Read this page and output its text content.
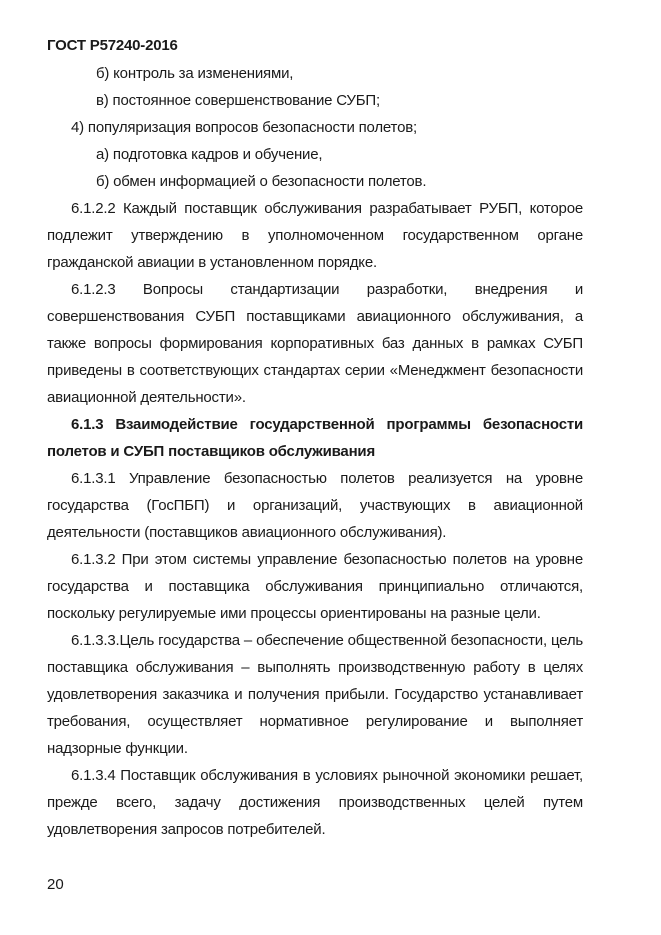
ГОСТ Р57240-2016
б) контроль за изменениями,
в) постоянное совершенствование СУБП;
4) популяризация вопросов безопасности полетов;
а) подготовка кадров и обучение,
б) обмен информацией о безопасности полетов.
6.1.2.2 Каждый поставщик обслуживания разрабатывает РУБП, которое подлежит утверждению в уполномоченном государственном органе гражданской авиации в установленном порядке.
6.1.2.3 Вопросы стандартизации разработки, внедрения и совершенствования СУБП поставщиками авиационного обслуживания, а также вопросы формирования корпоративных баз данных в рамках СУБП приведены в соответствующих стандартах серии «Менеджмент безопасности авиационной деятельности».
6.1.3 Взаимодействие государственной программы безопасности полетов и СУБП поставщиков обслуживания
6.1.3.1 Управление безопасностью полетов реализуется на уровне государства (ГосПБП) и организаций, участвующих в авиационной деятельности (поставщиков авиационного обслуживания).
6.1.3.2 При этом системы управление безопасностью полетов на уровне государства и поставщика обслуживания принципиально отличаются, поскольку регулируемые ими процессы ориентированы на разные цели.
6.1.3.3.Цель государства – обеспечение общественной безопасности, цель поставщика обслуживания – выполнять производственную работу в целях удовлетворения заказчика и получения прибыли. Государство устанавливает требования, осуществляет нормативное регулирование и выполняет надзорные функции.
6.1.3.4 Поставщик обслуживания в условиях рыночной экономики решает, прежде всего, задачу достижения производственных целей путем удовлетворения запросов потребителей.
20
